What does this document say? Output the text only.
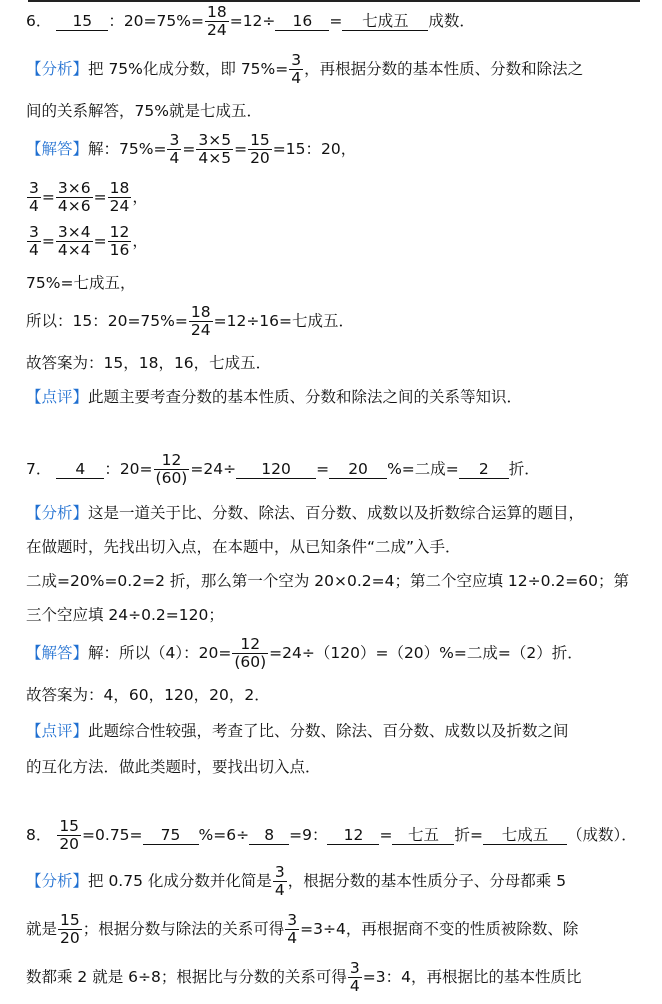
6． 15 ：$20=75\%= \frac{18}{24} =12\div 16$ = 七成五 成数．
【分析】把 75%化成分数，即 $75\%= \frac{3}{4}$ ，再根据分数的基本性质、分数和除法之
间的关系解答，75%就是七成五．
【解答】解：$75\%= \frac{3}{4} = \frac{3\times 5}{4\times 5} = \frac{15}{20} =15$：20，
$\frac{3}{4} = \frac{3\times 6}{4\times 6} = \frac{18}{24}$ ，
$\frac{3}{4} = \frac{3\times 4}{4\times 4} = \frac{12}{16}$ ，
75%=七成五，
所以：15：$20=75\%= \frac{18}{24} =12\div 16=$七成五．
故答案为：15，18，16，七成五．
【点评】此题主要考查分数的基本性质、分数和除法之间的关系等知识．
7． 4 ：$20= \frac{12}{(60)} =24\div 120 = 20$ %=二成= 2 折．
【分析】这是一道关于比、分数、除法、百分数、成数以及折数综合运算的题目，
在做题时，先找出切入点，在本题中，从已知条件“二成”入手．
二成=20%=0.2=2 折，那么第一个空为 20×0.2=4；第二个空应填 12÷0.2=60；第
三个空应填 24÷0.2=120；
【解答】解：所以（4）：$20= \frac{12}{(60)} =24\div(120)=(20)\%=$二成=（2）折．
故答案为：4，60，120，20，2．
【点评】此题综合性较强，考查了比、分数、除法、百分数、成数以及折数之间
的互化方法．做此类题时，要找出切入点．
8． $\frac{15}{20} =0.75= 75$ %=6÷ 8 =9： 12 = 七五 折= 七成五 （成数）．
【分析】把 0.75 化成分数并化简是 $\frac{3}{4}$ ，根据分数的基本性质分子、分母都乘 5
就是 $\frac{15}{20}$ ；根据分数与除法的关系可得 $\frac{3}{4} =3\div 4$，再根据商不变的性质被除数、除
数都乘 2 就是 6÷8；根据比与分数的关系可得 $\frac{3}{4} =3$：4，再根据比的基本性质比
